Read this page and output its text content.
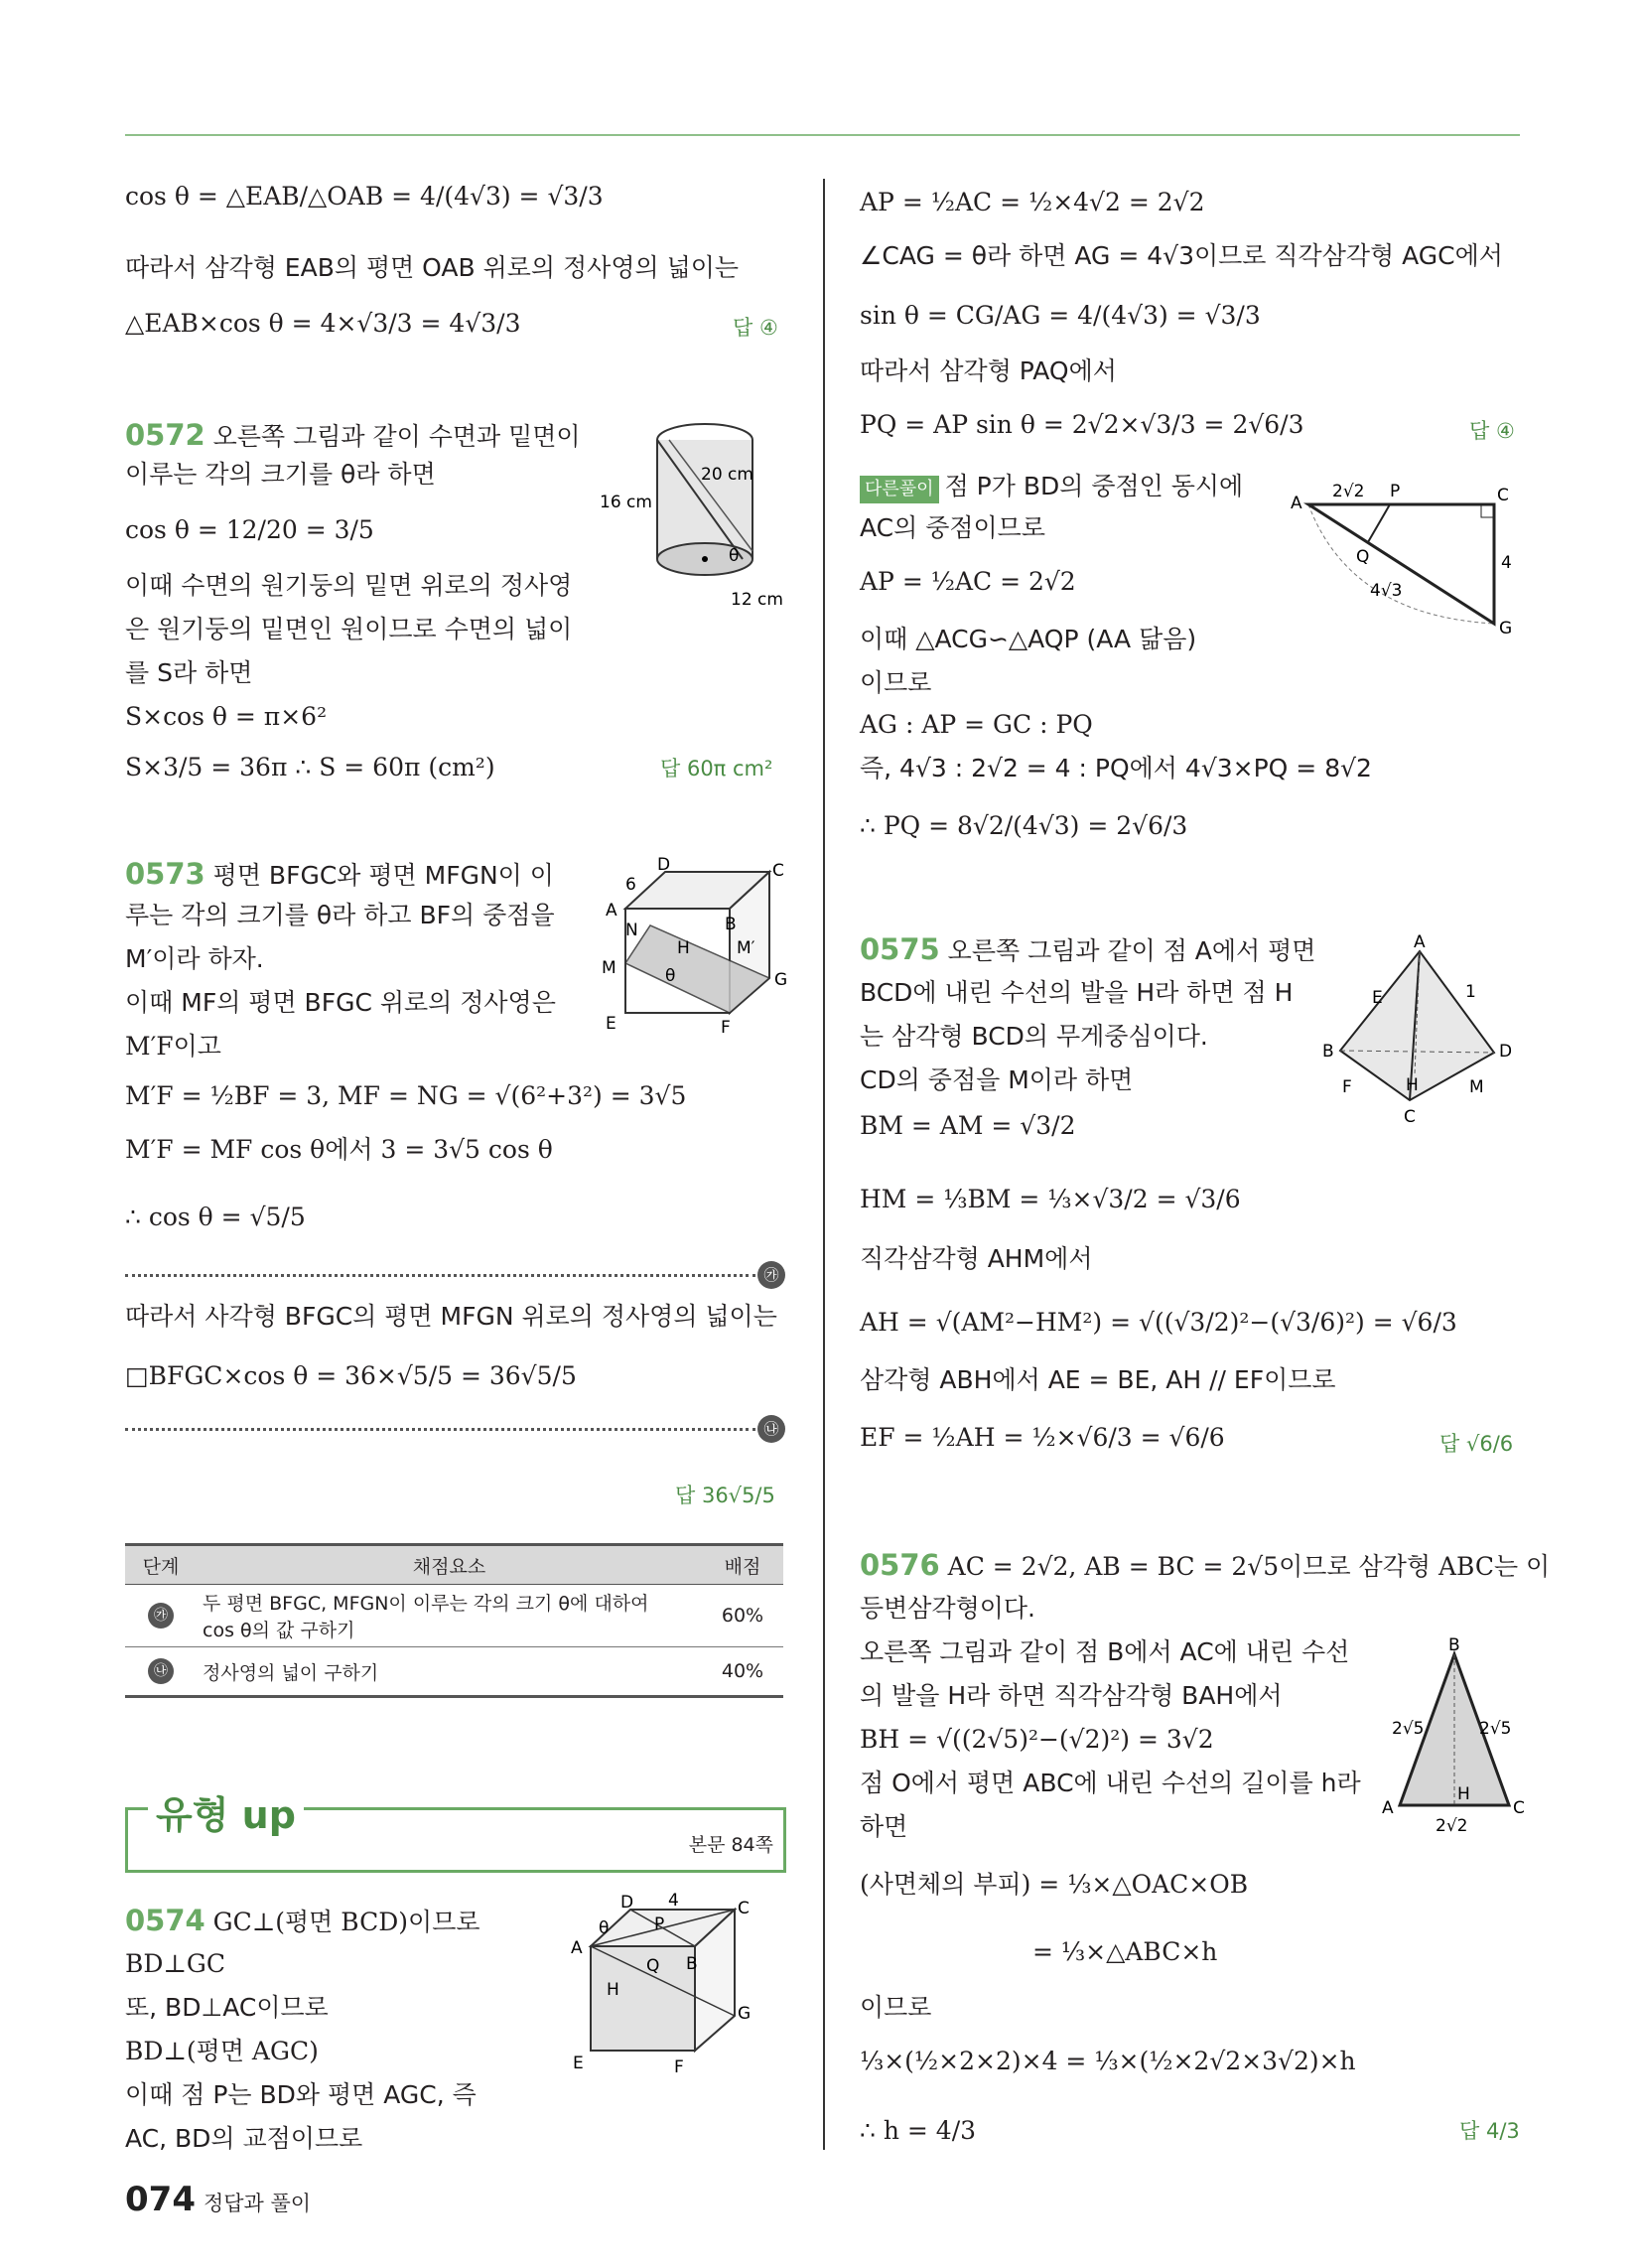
cos θ = △EAB/△OAB = 4/(4√3) = √3/3
따라서 삼각형 EAB의 평면 OAB 위로의 정사영의 넓이는
△EAB×cos θ = 4×√3/3 = 4√3/3	답 ④
0572 오른쪽 그림과 같이 수면과 밑면이
이루는 각의 크기를 θ라 하면
cos θ = 12/20 = 3/5
이때 수면의 원기둥의 밑면 위로의 정사영
은 원기둥의 밑면인 원이므로 수면의 넓이
를 S라 하면
S×cos θ = π×6²
S×3/5 = 36π ∴ S = 60π (cm²)	답 60π cm²
0573 평면 BFGC와 평면 MFGN이 이
루는 각의 크기를 θ라 하고 BF의 중점을
M′이라 하자.
이때 MF의 평면 BFGC 위로의 정사영은
M′F이고
M′F = ½BF = 3, MF = NG = √(6²+3²) = 3√5
M′F = MF cos θ에서 3 = 3√5 cos θ
∴ cos θ = √5/5
㉮
따라서 사각형 BFGC의 평면 MFGN 위로의 정사영의 넓이는
□BFGC×cos θ = 36×√5/5 = 36√5/5
㉯
답 36√5/5
단계	채점요소	배점
㉮	두 평면 BFGC, MFGN이 이루는 각의 크기 θ에 대하여
cos θ의 값 구하기	60%
㉯	정사영의 넓이 구하기	40%
유형 up
본문 84쪽
0574 GC⊥(평면 BCD)이므로
BD⊥GC
또, BD⊥AC이므로
BD⊥(평면 AGC)
이때 점 P는 BD와 평면 AGC, 즉
AC, BD의 교점이므로
AP = ½AC = ½×4√2 = 2√2
∠CAG = θ라 하면 AG = 4√3이므로 직각삼각형 AGC에서
sin θ = CG/AG = 4/(4√3) = √3/3
따라서 삼각형 PAQ에서
PQ = AP sin θ = 2√2×√3/3 = 2√6/3	답 ④
다른풀이 점 P가 BD의 중점인 동시에
AC의 중점이므로
AP = ½AC = 2√2
이때 △ACG∽△AQP (AA 닮음)
이므로
AG : AP = GC : PQ
즉, 4√3 : 2√2 = 4 : PQ에서 4√3×PQ = 8√2
∴ PQ = 8√2/(4√3) = 2√6/3
0575 오른쪽 그림과 같이 점 A에서 평면
BCD에 내린 수선의 발을 H라 하면 점 H
는 삼각형 BCD의 무게중심이다.
CD의 중점을 M이라 하면
BM = AM = √3/2
HM = ⅓BM = ⅓×√3/2 = √3/6
직각삼각형 AHM에서
AH = √(AM²−HM²) = √((√3/2)²−(√3/6)²) = √6/3
삼각형 ABH에서 AE = BE, AH // EF이므로
EF = ½AH = ½×√6/3 = √6/6	답 √6/6
0576 AC = 2√2, AB = BC = 2√5이므로 삼각형 ABC는 이
등변삼각형이다.
오른쪽 그림과 같이 점 B에서 AC에 내린 수선
의 발을 H라 하면 직각삼각형 BAH에서
BH = √((2√5)²−(√2)²) = 3√2
점 O에서 평면 ABC에 내린 수선의 길이를 h라
하면
(사면체의 부피) = ⅓×△OAC×OB
= ⅓×△ABC×h
이므로
⅓×(½×2×2)×4 = ⅓×(½×2√2×3√2)×h
∴ h = 4/3	답 4/3
20 cm
16 cm
12 cm
θ
D	C
6
A
B
N
H	M′
M
G
E	F
θ
D 4	C
θ	P
A
B
Q
H
G
E	F
A
2√2 P	C
Q	4
4√3
G
A
E	1
B	D
F	H	M
C
B
2√5	2√5
A
H
C
2√2
074 정답과 풀이
